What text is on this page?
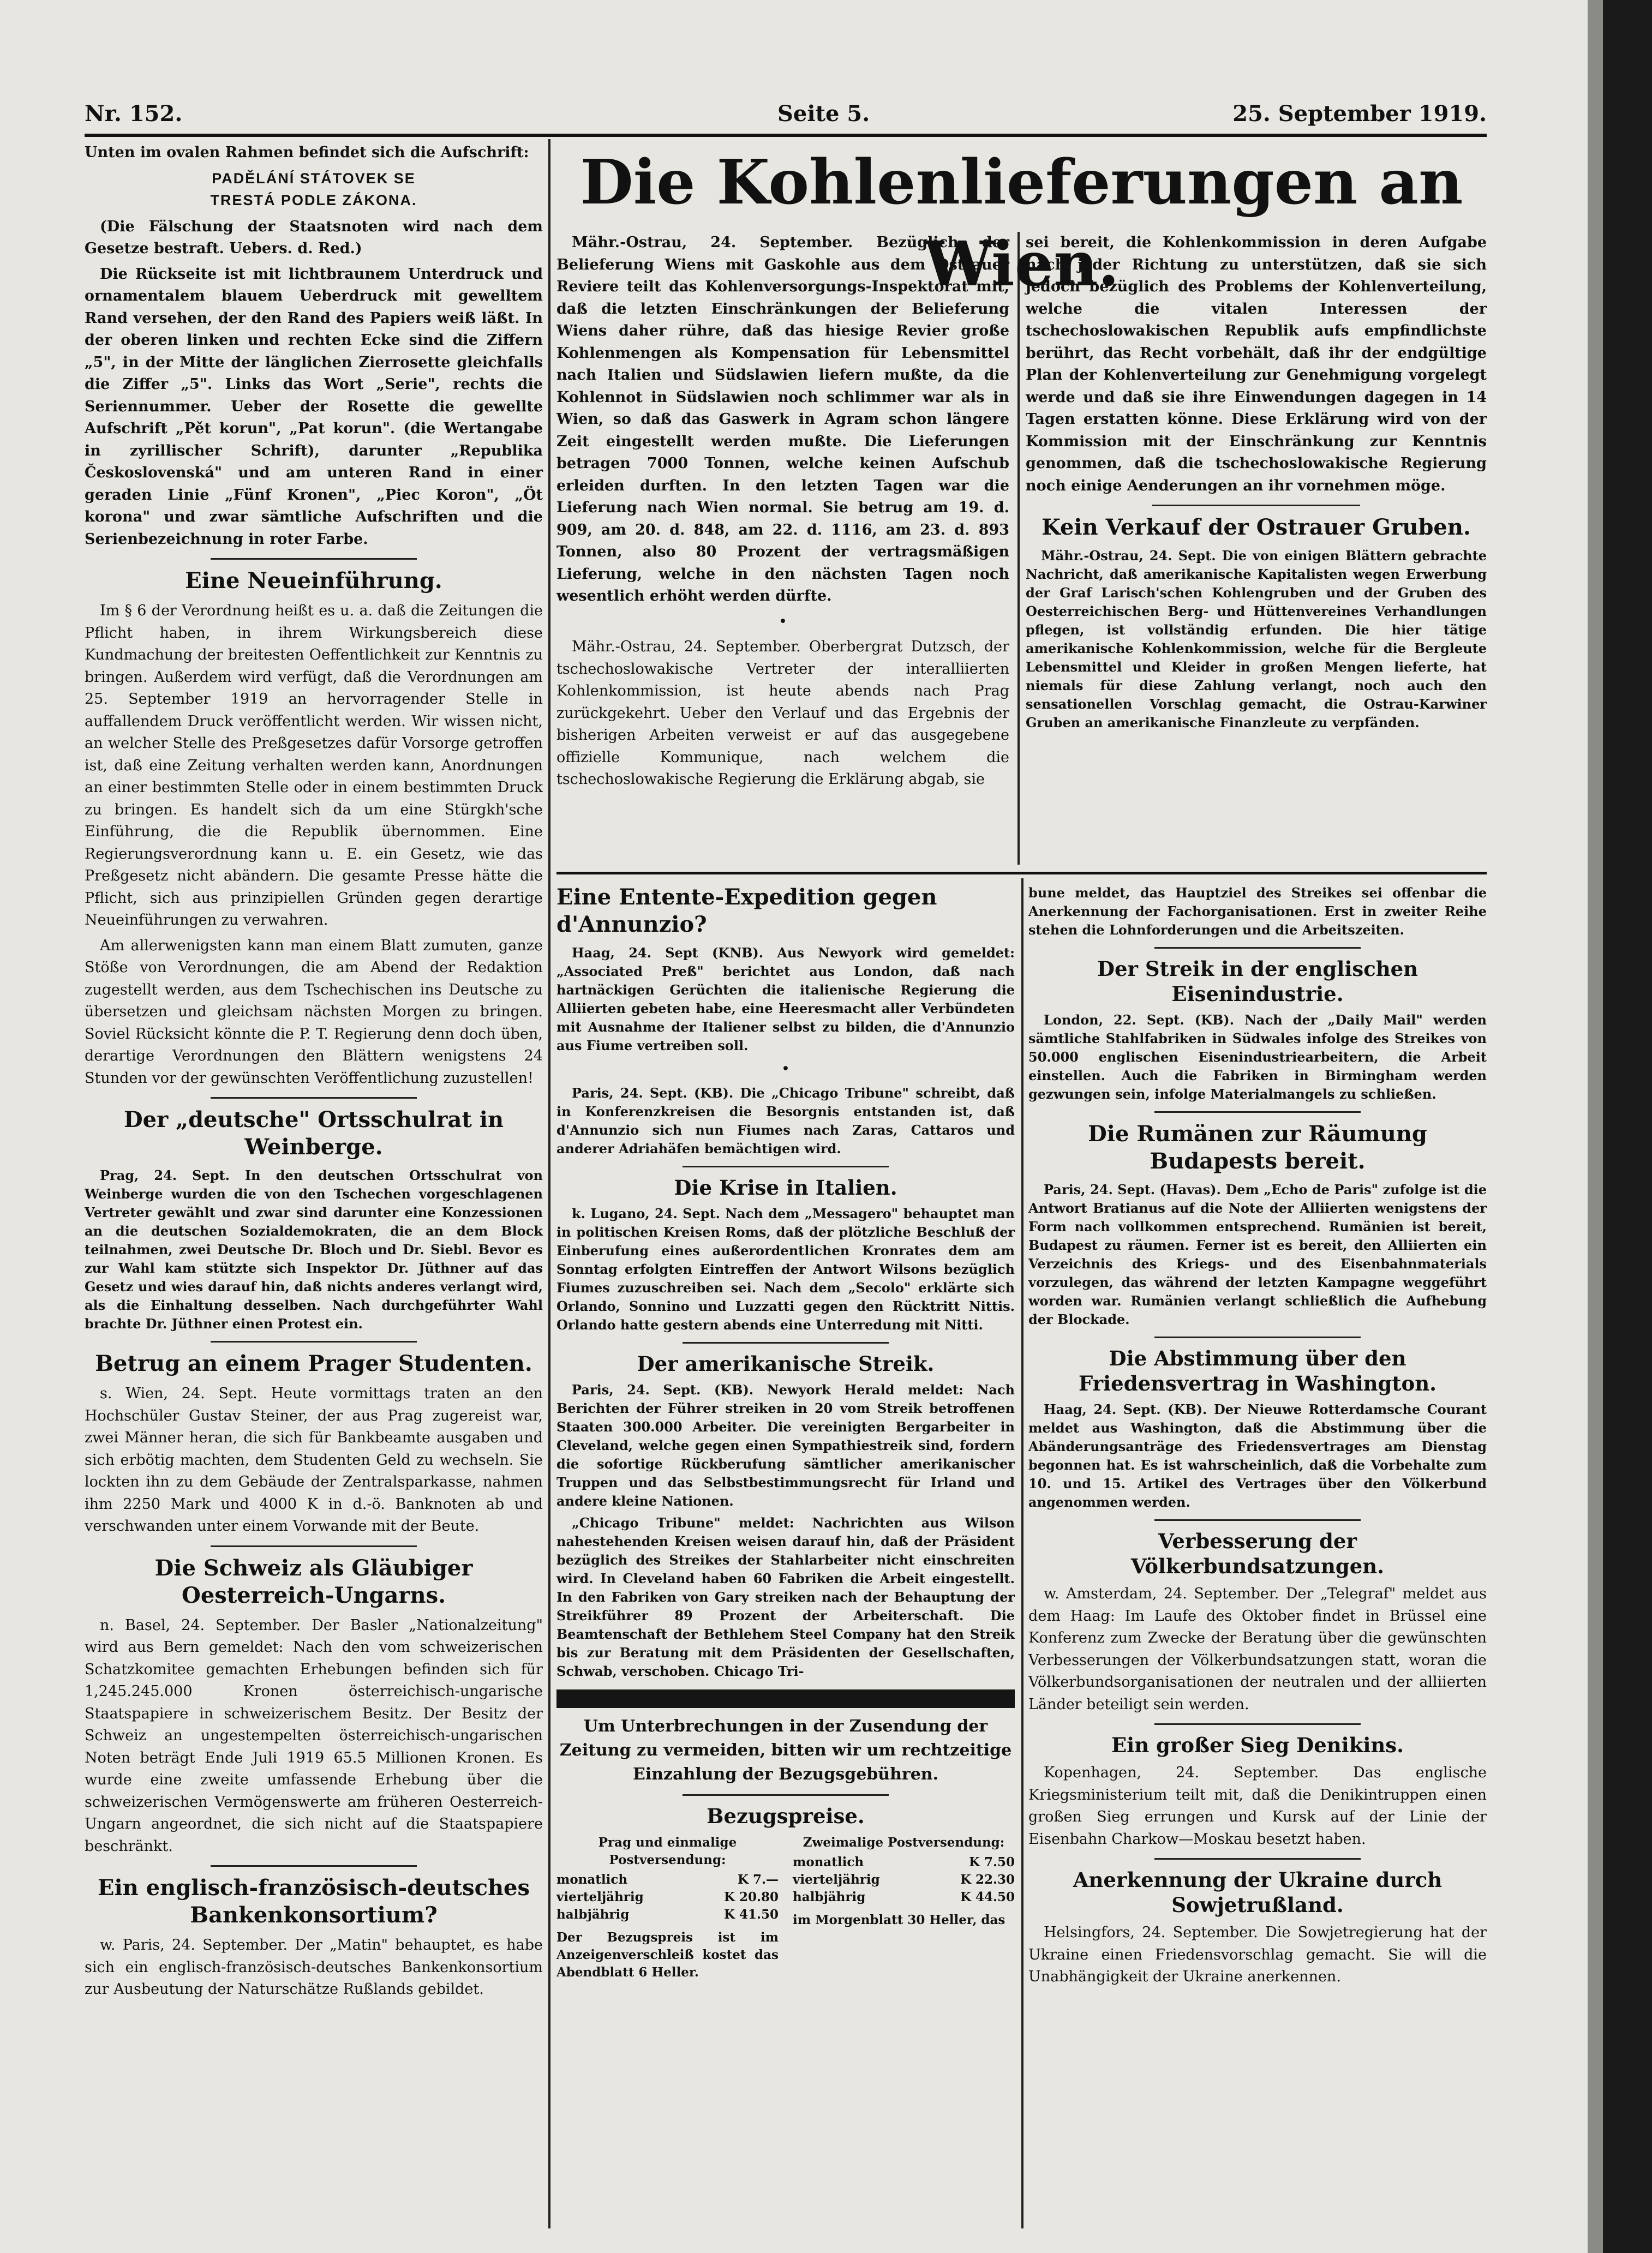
Nr. 152.	Seite 5.	25. September 1919.

Unten im ovalen Rahmen befindet sich die Aufschrift:

PADĚLÁNÍ STÁTOVEK SE

TRESTÁ PODLE ZÁKONA.

(Die Fälschung der Staatsnoten wird nach dem Gesetze bestraft. Uebers. d. Red.)

Die Rückseite ist mit lichtbraunem Unterdruck und ornamentalem blauem Ueberdruck mit gewelltem Rand versehen, der den Rand des Papiers weiß läßt. In der oberen linken und rechten Ecke sind die Ziffern „5", in der Mitte der länglichen Zierrosette gleichfalls die Ziffer „5". Links das Wort „Serie", rechts die Seriennummer. Ueber der Rosette die gewellte Aufschrift „Pět korun", „Pat korun". (die Wertangabe in zyrillischer Schrift), darunter „Republika Československá" und am unteren Rand in einer geraden Linie „Fünf Kronen", „Piec Koron", „Öt korona" und zwar sämtliche Aufschriften und die Serienbezeichnung in roter Farbe.

Eine Neueinführung.

Im § 6 der Verordnung heißt es u. a. daß die Zeitungen die Pflicht haben, in ihrem Wirkungsbereich diese Kundmachung der breitesten Oeffentlichkeit zur Kenntnis zu bringen. Außerdem wird verfügt, daß die Verordnungen am 25. September 1919 an hervorragender Stelle in auffallendem Druck veröffentlicht werden. Wir wissen nicht, an welcher Stelle des Preßgesetzes dafür Vorsorge getroffen ist, daß eine Zeitung verhalten werden kann, Anordnungen an einer bestimmten Stelle oder in einem bestimmten Druck zu bringen. Es handelt sich da um eine Stürgkh'sche Einführung, die die Republik übernommen. Eine Regierungsverordnung kann u. E. ein Gesetz, wie das Preßgesetz nicht abändern. Die gesamte Presse hätte die Pflicht, sich aus prinzipiellen Gründen gegen derartige Neueinführungen zu verwahren.

Am allerwenigsten kann man einem Blatt zumuten, ganze Stöße von Verordnungen, die am Abend der Redaktion zugestellt werden, aus dem Tschechischen ins Deutsche zu übersetzen und gleichsam nächsten Morgen zu bringen. Soviel Rücksicht könnte die P. T. Regierung denn doch üben, derartige Verordnungen den Blättern wenigstens 24 Stunden vor der gewünschten Veröffentlichung zuzustellen!

Der „deutsche" Ortsschulrat in Weinberge.

Prag, 24. Sept. In den deutschen Ortsschulrat von Weinberge wurden die von den Tschechen vorgeschlagenen Vertreter gewählt und zwar sind darunter eine Konzessionen an die deutschen Sozialdemokraten, die an dem Block teilnahmen, zwei Deutsche Dr. Bloch und Dr. Siebl. Bevor es zur Wahl kam stützte sich Inspektor Dr. Jüthner auf das Gesetz und wies darauf hin, daß nichts anderes verlangt wird, als die Einhaltung desselben. Nach durchgeführter Wahl brachte Dr. Jüthner einen Protest ein.

Betrug an einem Prager Studenten.

s. Wien, 24. Sept. Heute vormittags traten an den Hochschüler Gustav Steiner, der aus Prag zugereist war, zwei Männer heran, die sich für Bankbeamte ausgaben und sich erbötig machten, dem Studenten Geld zu wechseln. Sie lockten ihn zu dem Gebäude der Zentralsparkasse, nahmen ihm 2250 Mark und 4000 K in d.-ö. Banknoten ab und verschwanden unter einem Vorwande mit der Beute.

Die Schweiz als Gläubiger Oesterreich-Ungarns.

n. Basel, 24. September. Der Basler „Nationalzeitung" wird aus Bern gemeldet: Nach den vom schweizerischen Schatzkomitee gemachten Erhebungen befinden sich für 1,245.245.000 Kronen österreichisch-ungarische Staatspapiere in schweizerischem Besitz. Der Besitz der Schweiz an ungestempelten österreichisch-ungarischen Noten beträgt Ende Juli 1919 65.5 Millionen Kronen. Es wurde eine zweite umfassende Erhebung über die schweizerischen Vermögenswerte am früheren Oesterreich-Ungarn angeordnet, die sich nicht auf die Staatspapiere beschränkt.

Ein englisch-französisch-deutsches Bankenkonsortium?

w. Paris, 24. September. Der „Matin" behauptet, es habe sich ein englisch-französisch-deutsches Bankenkonsortium zur Ausbeutung der Naturschätze Rußlands gebildet.

Die Kohlenlieferungen an Wien.

Mähr.-Ostrau, 24. September. Bezüglich der Belieferung Wiens mit Gaskohle aus dem Ostrauer Reviere teilt das Kohlenversorgungs-Inspektorat mit, daß die letzten Einschränkungen der Belieferung Wiens daher rühre, daß das hiesige Revier große Kohlenmengen als Kompensation für Lebensmittel nach Italien und Südslawien liefern mußte, da die Kohlennot in Südslawien noch schlimmer war als in Wien, so daß das Gaswerk in Agram schon längere Zeit eingestellt werden mußte. Die Lieferungen betragen 7000 Tonnen, welche keinen Aufschub erleiden durften. In den letzten Tagen war die Lieferung nach Wien normal. Sie betrug am 19. d. 909, am 20. d. 848, am 22. d. 1116, am 23. d. 893 Tonnen, also 80 Prozent der vertragsmäßigen Lieferung, welche in den nächsten Tagen noch wesentlich erhöht werden dürfte.

•

Mähr.-Ostrau, 24. September. Oberbergrat Dutzsch, der tschechoslowakische Vertreter der interalliierten Kohlenkommission, ist heute abends nach Prag zurückgekehrt. Ueber den Verlauf und das Ergebnis der bisherigen Arbeiten verweist er auf das ausgegebene offizielle Kommunique, nach welchem die tschechoslowakische Regierung die Erklärung abgab, sie

sei bereit, die Kohlenkommission in deren Aufgabe nach jeder Richtung zu unterstützen, daß sie sich jedoch bezüglich des Problems der Kohlenverteilung, welche die vitalen Interessen der tschechoslowakischen Republik aufs empfindlichste berührt, das Recht vorbehält, daß ihr der endgültige Plan der Kohlenverteilung zur Genehmigung vorgelegt werde und daß sie ihre Einwendungen dagegen in 14 Tagen erstatten könne. Diese Erklärung wird von der Kommission mit der Einschränkung zur Kenntnis genommen, daß die tschechoslowakische Regierung noch einige Aenderungen an ihr vornehmen möge.

Kein Verkauf der Ostrauer Gruben.

Mähr.-Ostrau, 24. Sept. Die von einigen Blättern gebrachte Nachricht, daß amerikanische Kapitalisten wegen Erwerbung der Graf Larisch'schen Kohlengruben und der Gruben des Oesterreichischen Berg- und Hüttenvereines Verhandlungen pflegen, ist vollständig erfunden. Die hier tätige amerikanische Kohlenkommission, welche für die Bergleute Lebensmittel und Kleider in großen Mengen lieferte, hat niemals für diese Zahlung verlangt, noch auch den sensationellen Vorschlag gemacht, die Ostrau-Karwiner Gruben an amerikanische Finanzleute zu verpfänden.

Eine Entente-Expedition gegen d'Annunzio?

Haag, 24. Sept (KNB). Aus Newyork wird gemeldet: „Associated Preß" berichtet aus London, daß nach hartnäckigen Gerüchten die italienische Regierung die Alliierten gebeten habe, eine Heeresmacht aller Verbündeten mit Ausnahme der Italiener selbst zu bilden, die d'Annunzio aus Fiume vertreiben soll.

•

Paris, 24. Sept. (KB). Die „Chicago Tribune" schreibt, daß in Konferenzkreisen die Besorgnis entstanden ist, daß d'Annunzio sich nun Fiumes nach Zaras, Cattaros und anderer Adriahäfen bemächtigen wird.

Die Krise in Italien.

k. Lugano, 24. Sept. Nach dem „Messagero" behauptet man in politischen Kreisen Roms, daß der plötzliche Beschluß der Einberufung eines außerordentlichen Kronrates dem am Sonntag erfolgten Eintreffen der Antwort Wilsons bezüglich Fiumes zuzuschreiben sei. Nach dem „Secolo" erklärte sich Orlando, Sonnino und Luzzatti gegen den Rücktritt Nittis. Orlando hatte gestern abends eine Unterredung mit Nitti.

Der amerikanische Streik.

Paris, 24. Sept. (KB). Newyork Herald meldet: Nach Berichten der Führer streiken in 20 vom Streik betroffenen Staaten 300.000 Arbeiter. Die vereinigten Bergarbeiter in Cleveland, welche gegen einen Sympathiestreik sind, fordern die sofortige Rückberufung sämtlicher amerikanischer Truppen und das Selbstbestimmungsrecht für Irland und andere kleine Nationen.

„Chicago Tribune" meldet: Nachrichten aus Wilson nahestehenden Kreisen weisen darauf hin, daß der Präsident bezüglich des Streikes der Stahlarbeiter nicht einschreiten wird. In Cleveland haben 60 Fabriken die Arbeit eingestellt. In den Fabriken von Gary streiken nach der Behauptung der Streikführer 89 Prozent der Arbeiterschaft. Die Beamtenschaft der Bethlehem Steel Company hat den Streik bis zur Beratung mit dem Präsidenten der Gesellschaften, Schwab, verschoben. Chicago Tri-

Um Unterbrechungen in der Zusendung der Zeitung zu vermeiden, bitten wir um rechtzeitige Einzahlung der Bezugsgebühren.
Bezugspreise.
Prag und einmalige Postversendung:
monatlich	K 7.—
vierteljährig	K 20.80
halbjährig	K 41.50
Der Bezugspreis ist im Anzeigenverschleiß kostet das Abendblatt 6 Heller.
Zweimalige Postversendung:
monatlich	K 7.50
vierteljährig	K 22.30
halbjährig	K 44.50
im Morgenblatt 30 Heller, das

bune meldet, das Hauptziel des Streikes sei offenbar die Anerkennung der Fachorganisationen. Erst in zweiter Reihe stehen die Lohnforderungen und die Arbeitszeiten.

Der Streik in der englischen Eisenindustrie.

London, 22. Sept. (KB). Nach der „Daily Mail" werden sämtliche Stahlfabriken in Südwales infolge des Streikes von 50.000 englischen Eisenindustriearbeitern, die Arbeit einstellen. Auch die Fabriken in Birmingham werden gezwungen sein, infolge Materialmangels zu schließen.

Die Rumänen zur Räumung Budapests bereit.

Paris, 24. Sept. (Havas). Dem „Echo de Paris" zufolge ist die Antwort Bratianus auf die Note der Alliierten wenigstens der Form nach vollkommen entsprechend. Rumänien ist bereit, Budapest zu räumen. Ferner ist es bereit, den Alliierten ein Verzeichnis des Kriegs- und des Eisenbahnmaterials vorzulegen, das während der letzten Kampagne weggeführt worden war. Rumänien verlangt schließlich die Aufhebung der Blockade.

Die Abstimmung über den Friedensvertrag in Washington.

Haag, 24. Sept. (KB). Der Nieuwe Rotterdamsche Courant meldet aus Washington, daß die Abstimmung über die Abänderungsanträge des Friedensvertrages am Dienstag begonnen hat. Es ist wahrscheinlich, daß die Vorbehalte zum 10. und 15. Artikel des Vertrages über den Völkerbund angenommen werden.

Verbesserung der Völkerbundsatzungen.

w. Amsterdam, 24. September. Der „Telegraf" meldet aus dem Haag: Im Laufe des Oktober findet in Brüssel eine Konferenz zum Zwecke der Beratung über die gewünschten Verbesserungen der Völkerbundsatzungen statt, woran die Völkerbundsorganisationen der neutralen und der alliierten Länder beteiligt sein werden.

Ein großer Sieg Denikins.

Kopenhagen, 24. September. Das englische Kriegsministerium teilt mit, daß die Denikintruppen einen großen Sieg errungen und Kursk auf der Linie der Eisenbahn Charkow—Moskau besetzt haben.

Anerkennung der Ukraine durch Sowjetrußland.

Helsingfors, 24. September. Die Sowjetregierung hat der Ukraine einen Friedensvorschlag gemacht. Sie will die Unabhängigkeit der Ukraine anerkennen.
